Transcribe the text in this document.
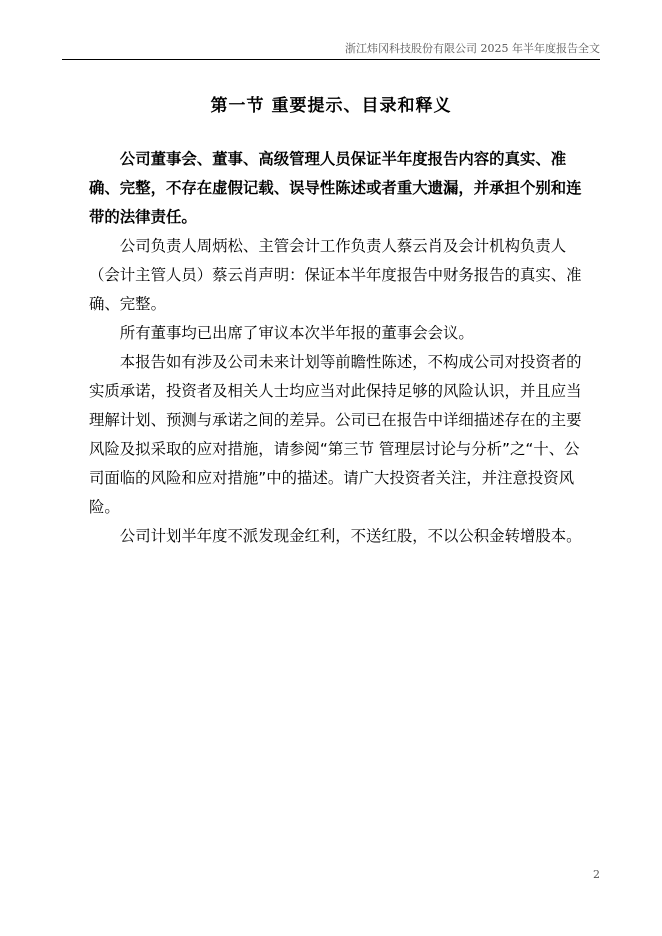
浙江炜冈科技股份有限公司 2025 年半年度报告全文
第一节 重要提示、目录和释义

公司董事会、董事、高级管理人员保证半年度报告内容的真实、准确、完整，不存在虚假记载、误导性陈述或者重大遗漏，并承担个别和连带的法律责任。

公司负责人周炳松、主管会计工作负责人蔡云肖及会计机构负责人（会计主管人员）蔡云肖声明：保证本半年度报告中财务报告的真实、准确、完整。

所有董事均已出席了审议本次半年报的董事会会议。

本报告如有涉及公司未来计划等前瞻性陈述，不构成公司对投资者的实质承诺，投资者及相关人士均应当对此保持足够的风险认识，并且应当理解计划、预测与承诺之间的差异。公司已在报告中详细描述存在的主要风险及拟采取的应对措施，请参阅“第三节 管理层讨论与分析”之“十、公司面临的风险和应对措施”中的描述。请广大投资者关注，并注意投资风险。

公司计划半年度不派发现金红利，不送红股，不以公积金转增股本。

2
